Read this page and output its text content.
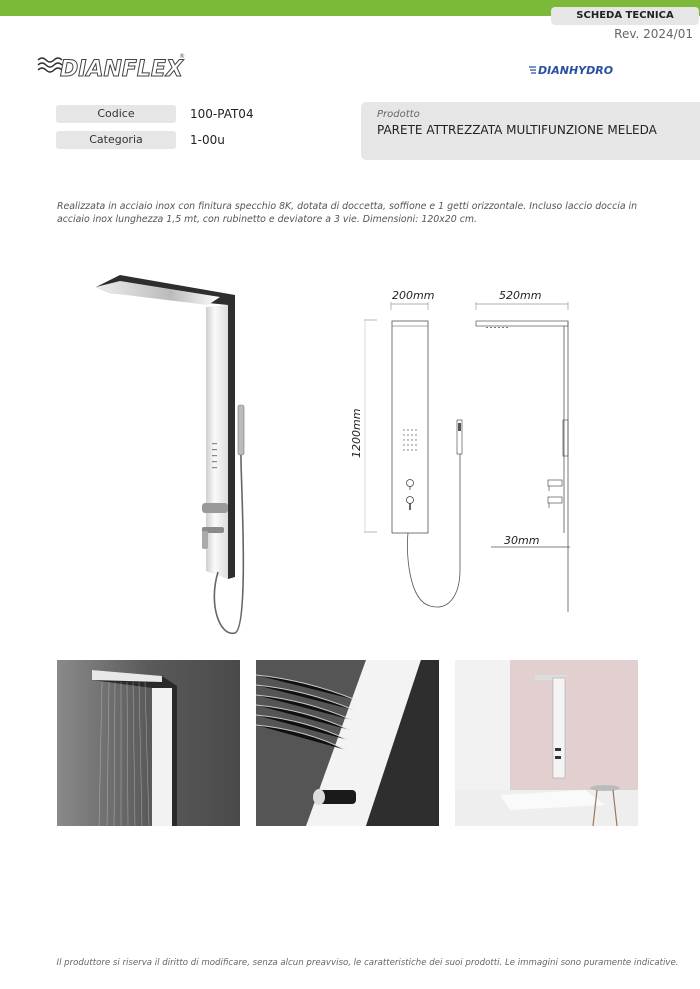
SCHEDA TECNICA
Rev. 2024/01
DIANFLEX
®
DIANHYDRO
Codice	100-PAT04
Categoria	1-00u
Prodotto
PARETE ATTREZZATA MULTIFUNZIONE MELEDA
Realizzata in acciaio inox con finitura specchio 8K, dotata di doccetta, soffione e 1 getti orizzontale. Incluso laccio doccia in acciaio inox lunghezza 1,5 mt, con rubinetto e deviatore a 3 vie. Dimensioni: 120x20 cm.
200mm	520mm
1200mm
30mm
Il produttore si riserva il diritto di modificare, senza alcun preavviso, le caratteristiche dei suoi prodotti. Le immagini sono puramente indicative.
